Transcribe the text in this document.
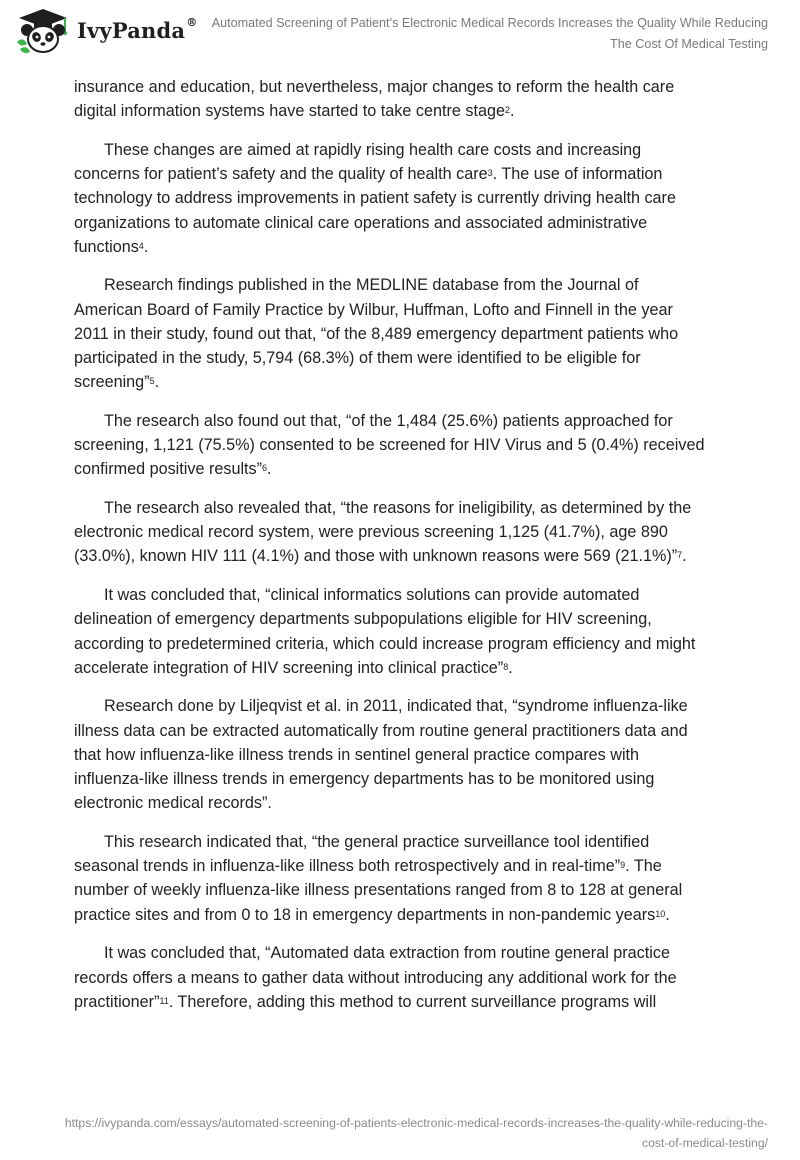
IvyPanda® Automated Screening of Patient’s Electronic Medical Records Increases the Quality While Reducing
The Cost Of Medical Testing

insurance and education, but nevertheless, major changes to reform the health care
digital information systems have started to take centre stage$^2$.

These changes are aimed at rapidly rising health care costs and increasing
concerns for patient’s safety and the quality of health care$^3$. The use of information
technology to address improvements in patient safety is currently driving health care
organizations to automate clinical care operations and associated administrative
functions$^4$.

Research findings published in the MEDLINE database from the Journal of
American Board of Family Practice by Wilbur, Huffman, Lofto and Finnell in the year
2011 in their study, found out that, “of the 8,489 emergency department patients who
participated in the study, 5,794 (68.3%) of them were identified to be eligible for
screening”$^5$.

The research also found out that, “of the 1,484 (25.6%) patients approached for
screening, 1,121 (75.5%) consented to be screened for HIV Virus and 5 (0.4%) received
confirmed positive results”$^6$.

The research also revealed that, “the reasons for ineligibility, as determined by the
electronic medical record system, were previous screening 1,125 (41.7%), age 890
(33.0%), known HIV 111 (4.1%) and those with unknown reasons were 569 (21.1%)”$^7$.

It was concluded that, “clinical informatics solutions can provide automated
delineation of emergency departments subpopulations eligible for HIV screening,
according to predetermined criteria, which could increase program efficiency and might
accelerate integration of HIV screening into clinical practice”$^8$.

Research done by Liljeqvist et al. in 2011, indicated that, “syndrome influenza-like
illness data can be extracted automatically from routine general practitioners data and
that how influenza-like illness trends in sentinel general practice compares with
influenza-like illness trends in emergency departments has to be monitored using
electronic medical records”.

This research indicated that, “the general practice surveillance tool identified
seasonal trends in influenza-like illness both retrospectively and in real-time”$^9$. The
number of weekly influenza-like illness presentations ranged from 8 to 128 at general
practice sites and from 0 to 18 in emergency departments in non-pandemic years$^{10}$.

It was concluded that, “Automated data extraction from routine general practice
records offers a means to gather data without introducing any additional work for the
practitioner”$^{11}$. Therefore, adding this method to current surveillance programs will

https://ivypanda.com/essays/automated-screening-of-patients-electronic-medical-records-increases-the-quality-while-reducing-the-
cost-of-medical-testing/
